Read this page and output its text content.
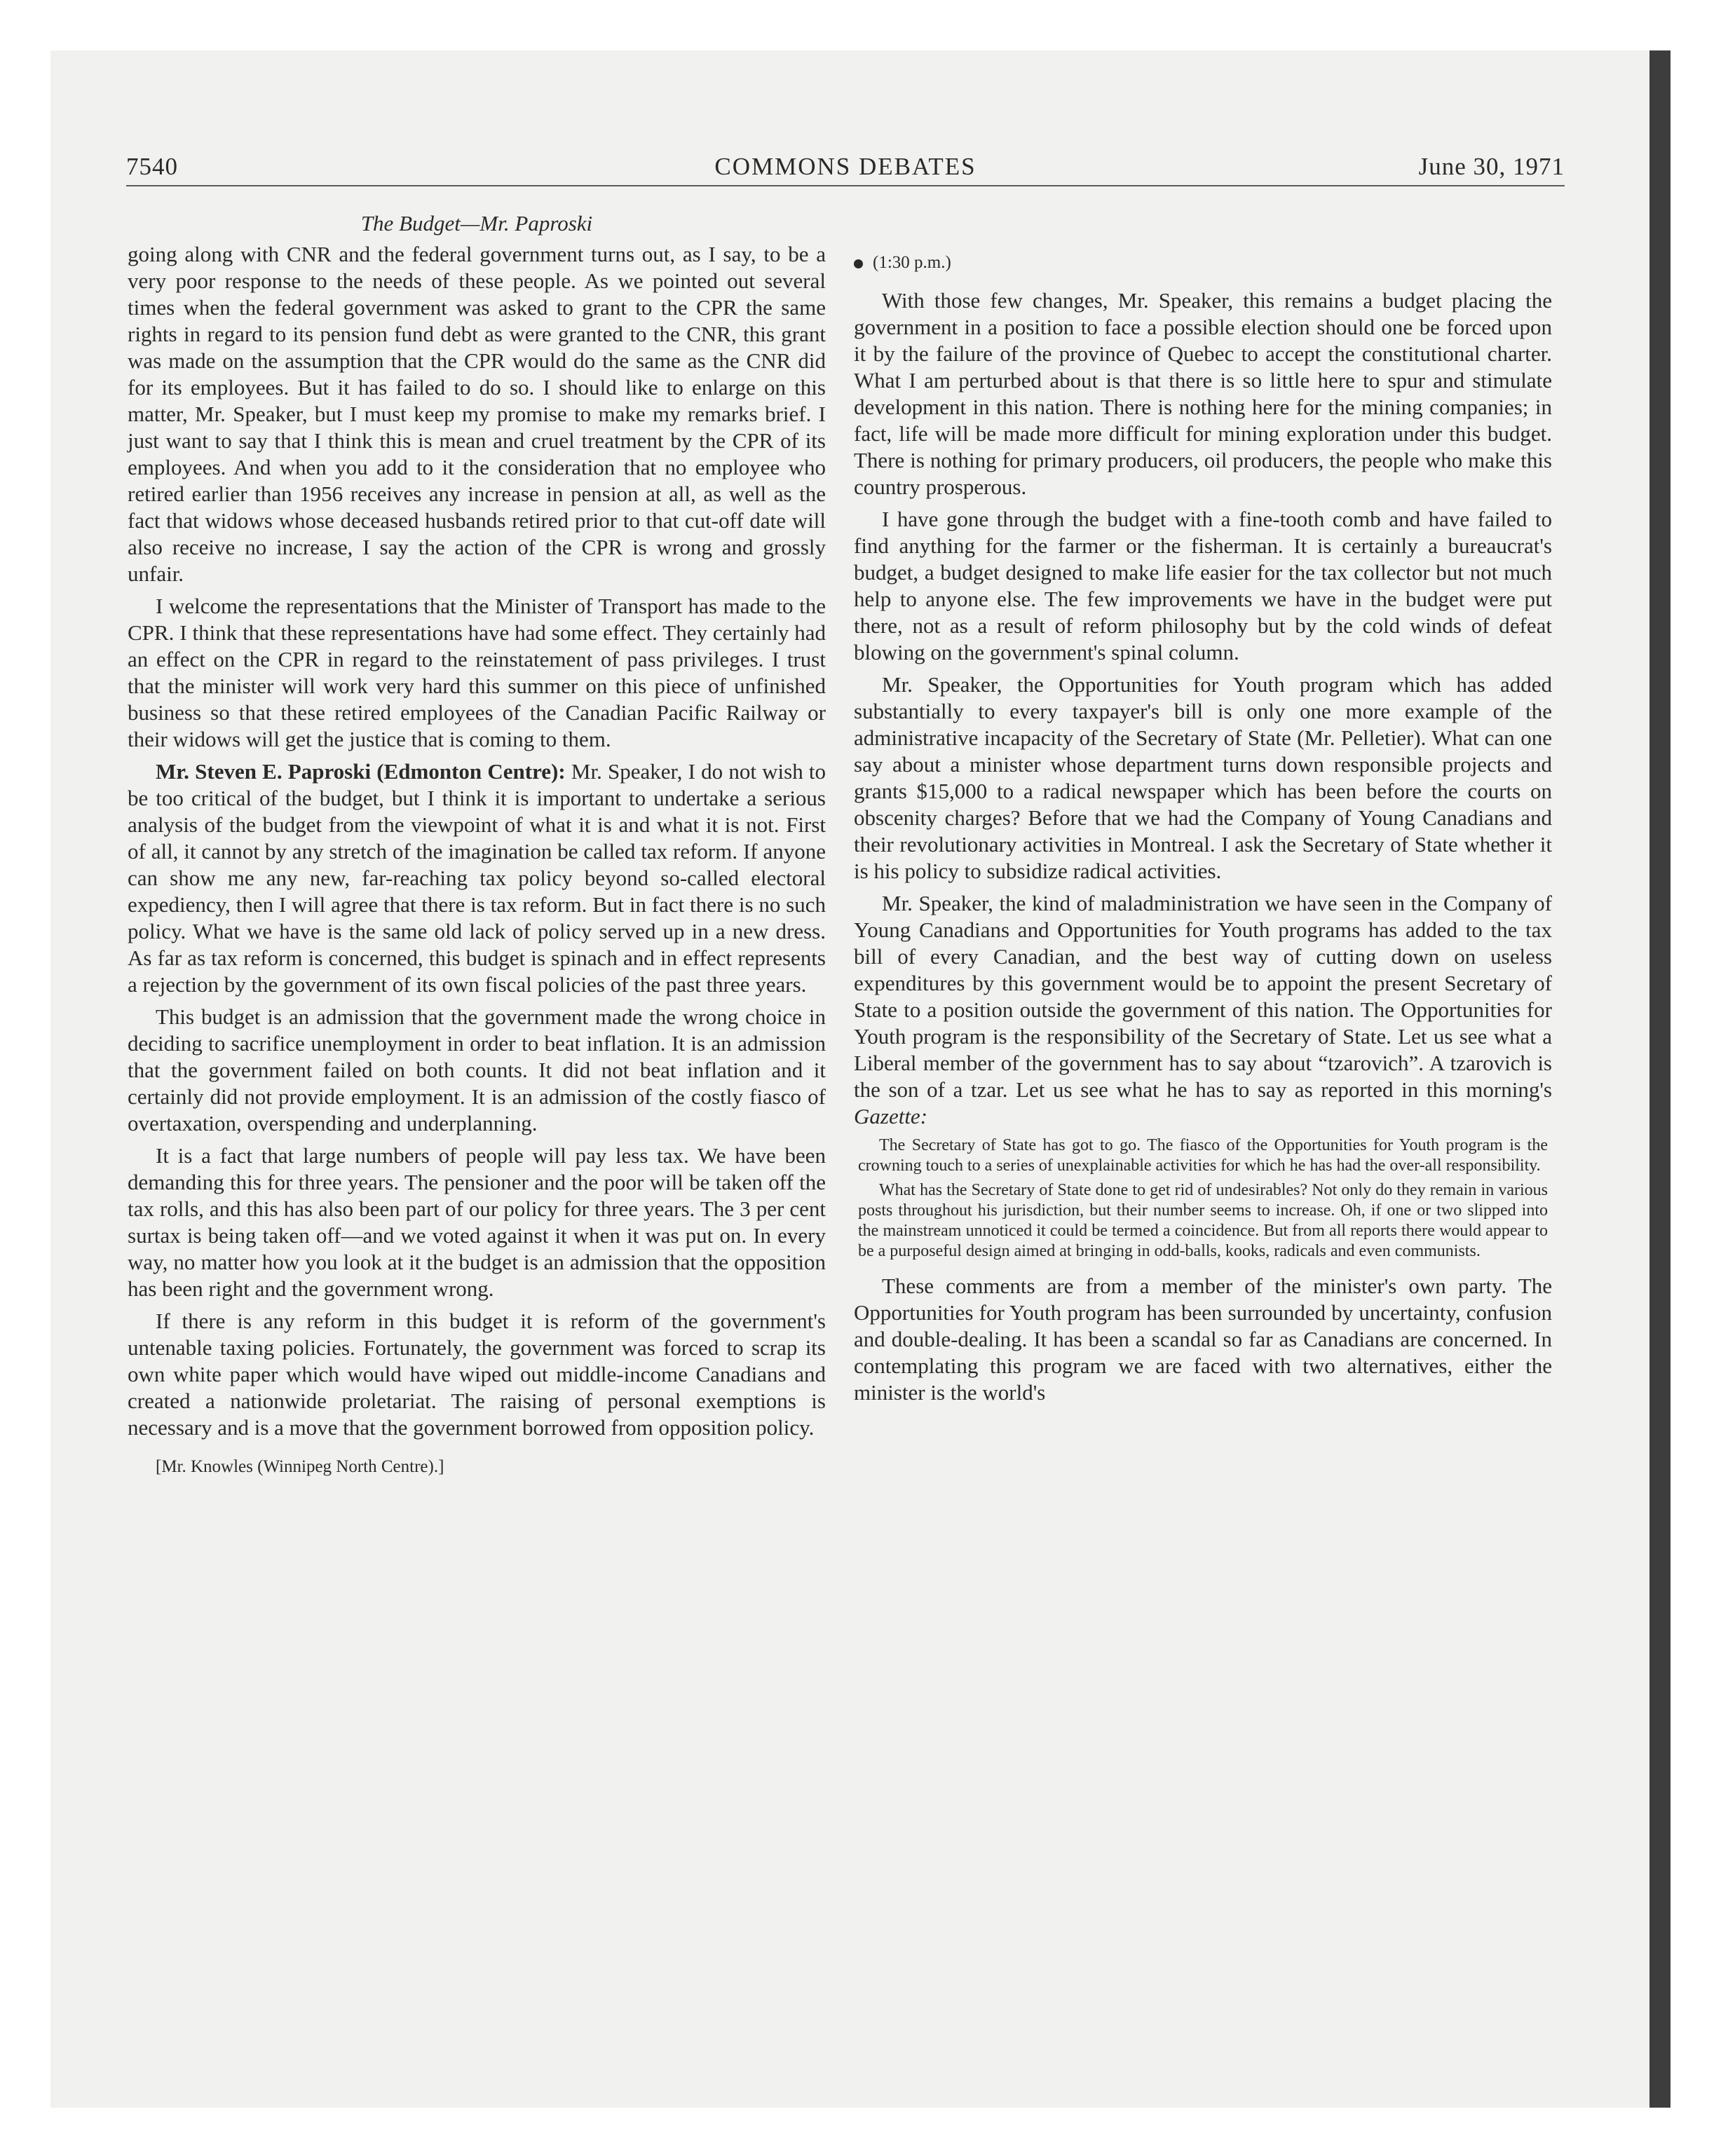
7540	COMMONS DEBATES	June 30, 1971
The Budget—Mr. Paproski

going along with CNR and the federal government turns out, as I say, to be a very poor response to the needs of these people. As we pointed out several times when the federal government was asked to grant to the CPR the same rights in regard to its pension fund debt as were granted to the CNR, this grant was made on the assumption that the CPR would do the same as the CNR did for its employees. But it has failed to do so. I should like to enlarge on this matter, Mr. Speaker, but I must keep my promise to make my remarks brief. I just want to say that I think this is mean and cruel treatment by the CPR of its employees. And when you add to it the consideration that no employee who retired earlier than 1956 receives any increase in pension at all, as well as the fact that widows whose deceased husbands retired prior to that cut-off date will also receive no increase, I say the action of the CPR is wrong and grossly unfair.

I welcome the representations that the Minister of Transport has made to the CPR. I think that these representations have had some effect. They certainly had an effect on the CPR in regard to the reinstatement of pass privileges. I trust that the minister will work very hard this summer on this piece of unfinished business so that these retired employees of the Canadian Pacific Railway or their widows will get the justice that is coming to them.

Mr. Steven E. Paproski (Edmonton Centre): Mr. Speaker, I do not wish to be too critical of the budget, but I think it is important to undertake a serious analysis of the budget from the viewpoint of what it is and what it is not. First of all, it cannot by any stretch of the imagination be called tax reform. If anyone can show me any new, far-reaching tax policy beyond so-called electoral expediency, then I will agree that there is tax reform. But in fact there is no such policy. What we have is the same old lack of policy served up in a new dress. As far as tax reform is concerned, this budget is spinach and in effect represents a rejection by the government of its own fiscal policies of the past three years.

This budget is an admission that the government made the wrong choice in deciding to sacrifice unemployment in order to beat inflation. It is an admission that the government failed on both counts. It did not beat inflation and it certainly did not provide employment. It is an admission of the costly fiasco of overtaxation, overspending and underplanning.

It is a fact that large numbers of people will pay less tax. We have been demanding this for three years. The pensioner and the poor will be taken off the tax rolls, and this has also been part of our policy for three years. The 3 per cent surtax is being taken off—and we voted against it when it was put on. In every way, no matter how you look at it the budget is an admission that the opposition has been right and the government wrong.

If there is any reform in this budget it is reform of the government's untenable taxing policies. Fortunately, the government was forced to scrap its own white paper which would have wiped out middle-income Canadians and created a nationwide proletariat. The raising of personal exemptions is necessary and is a move that the government borrowed from opposition policy.

[Mr. Knowles (Winnipeg North Centre).]
(1:30 p.m.)

With those few changes, Mr. Speaker, this remains a budget placing the government in a position to face a possible election should one be forced upon it by the failure of the province of Quebec to accept the constitutional charter. What I am perturbed about is that there is so little here to spur and stimulate development in this nation. There is nothing here for the mining companies; in fact, life will be made more difficult for mining exploration under this budget. There is nothing for primary producers, oil producers, the people who make this country prosperous.

I have gone through the budget with a fine-tooth comb and have failed to find anything for the farmer or the fisherman. It is certainly a bureaucrat's budget, a budget designed to make life easier for the tax collector but not much help to anyone else. The few improvements we have in the budget were put there, not as a result of reform philosophy but by the cold winds of defeat blowing on the government's spinal column.

Mr. Speaker, the Opportunities for Youth program which has added substantially to every taxpayer's bill is only one more example of the administrative incapacity of the Secretary of State (Mr. Pelletier). What can one say about a minister whose department turns down responsible projects and grants $15,000 to a radical newspaper which has been before the courts on obscenity charges? Before that we had the Company of Young Canadians and their revolutionary activities in Montreal. I ask the Secretary of State whether it is his policy to subsidize radical activities.

Mr. Speaker, the kind of maladministration we have seen in the Company of Young Canadians and Opportunities for Youth programs has added to the tax bill of every Canadian, and the best way of cutting down on useless expenditures by this government would be to appoint the present Secretary of State to a position outside the government of this nation. The Opportunities for Youth program is the responsibility of the Secretary of State. Let us see what a Liberal member of the government has to say about “tzarovich”. A tzarovich is the son of a tzar. Let us see what he has to say as reported in this morning's Gazette:

The Secretary of State has got to go. The fiasco of the Opportunities for Youth program is the crowning touch to a series of unexplainable activities for which he has had the over-all responsibility.

What has the Secretary of State done to get rid of undesirables? Not only do they remain in various posts throughout his jurisdiction, but their number seems to increase. Oh, if one or two slipped into the mainstream unnoticed it could be termed a coincidence. But from all reports there would appear to be a purposeful design aimed at bringing in odd-balls, kooks, radicals and even communists.

These comments are from a member of the minister's own party. The Opportunities for Youth program has been surrounded by uncertainty, confusion and double-dealing. It has been a scandal so far as Canadians are concerned. In contemplating this program we are faced with two alternatives, either the minister is the world's
